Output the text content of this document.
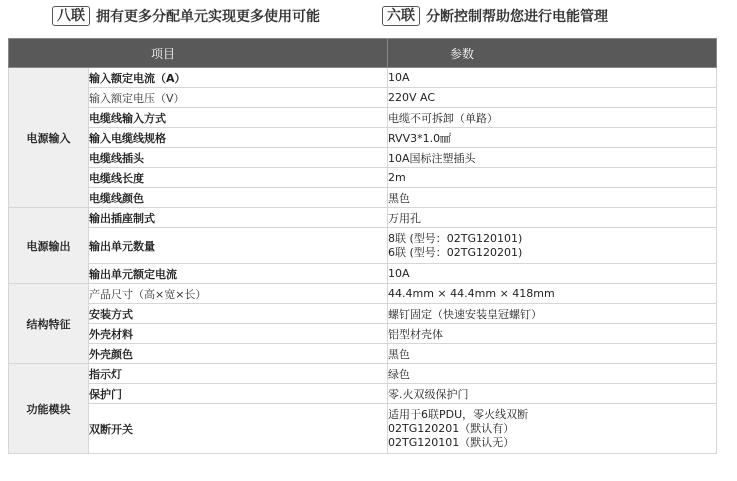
八联 拥有更多分配单元实现更多使用可能	六联 分断控制帮助您进行电能管理
项目		参数
电源输入	输入额定电流（A）	10A
	输入额定电压（V）	220V AC
	电缆线输入方式	电缆不可拆卸（单路）
	输入电缆线规格	RVV3*1.0㎟
	电缆线插头	10A国标注塑插头
	电缆线长度	2m
	电缆线颜色	黑色
电源输出	输出插座制式	万用孔
	输出单元数量	8联 (型号：02TG120101)
6联 (型号：02TG120201)

	输出单元额定电流	10A
结构特征	产品尺寸（高×宽×长）	44.4mm × 44.4mm × 418mm
	安装方式	螺钉固定（快速安装皇冠螺钉）
	外壳材料	铝型材壳体
	外壳颜色	黑色
功能模块	指示灯	绿色
	保护门	零.火双级保护门
	双断开关	适用于6联PDU，零火线双断
02TG120201（默认有）
02TG120101（默认无）
